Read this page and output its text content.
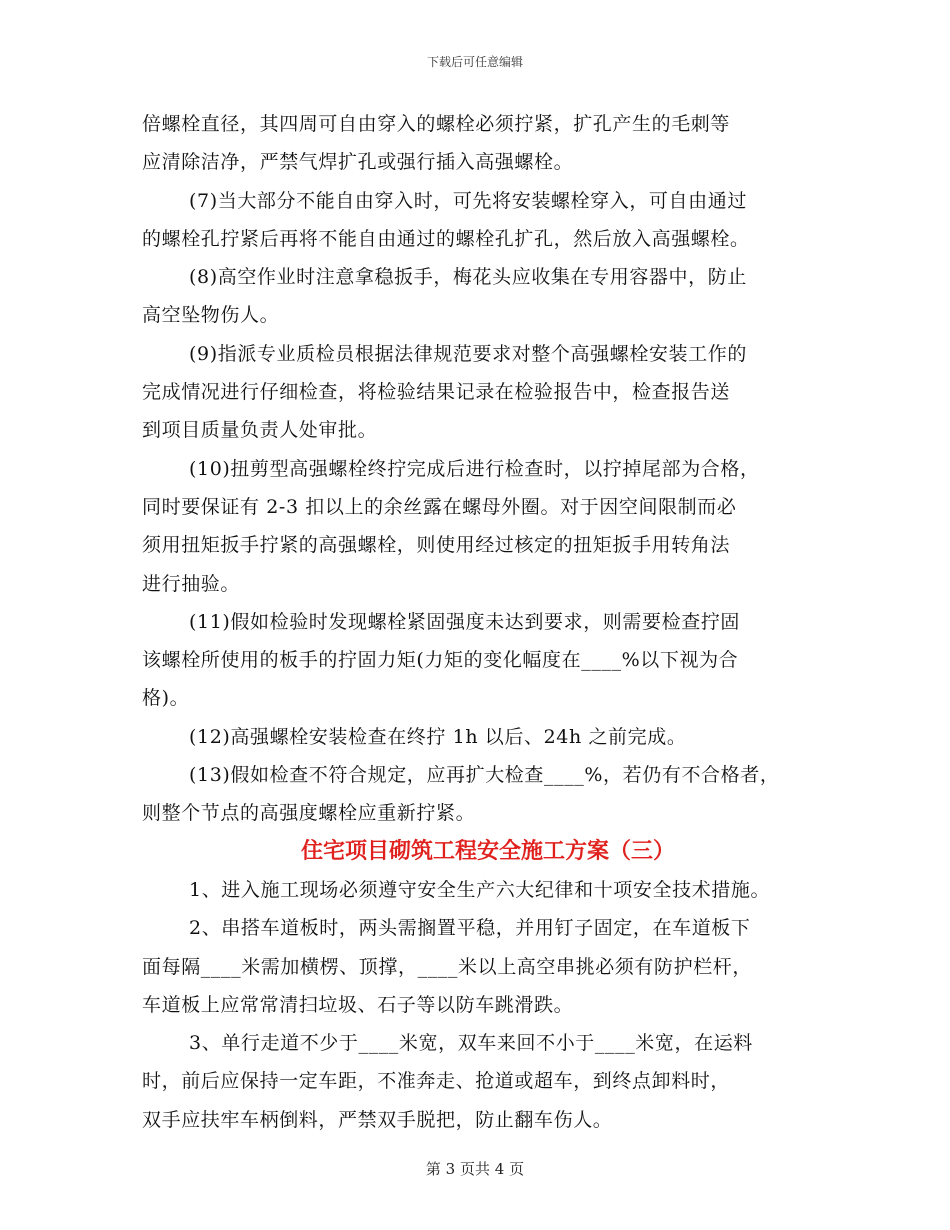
下载后可任意编辑
倍螺栓直径，其四周可自由穿入的螺栓必须拧紧，扩孔产生的毛刺等
应清除洁净，严禁气焊扩孔或强行插入高强螺栓。
(7)当大部分不能自由穿入时，可先将安装螺栓穿入，可自由通过
的螺栓孔拧紧后再将不能自由通过的螺栓孔扩孔，然后放入高强螺栓。
(8)高空作业时注意拿稳扳手，梅花头应收集在专用容器中，防止
高空坠物伤人。
(9)指派专业质检员根据法律规范要求对整个高强螺栓安装工作的
完成情况进行仔细检查，将检验结果记录在检验报告中，检查报告送
到项目质量负责人处审批。
(10)扭剪型高强螺栓终拧完成后进行检查时，以拧掉尾部为合格，
同时要保证有 2-3 扣以上的余丝露在螺母外圈。对于因空间限制而必
须用扭矩扳手拧紧的高强螺栓，则使用经过核定的扭矩扳手用转角法
进行抽验。
(11)假如检验时发现螺栓紧固强度未达到要求，则需要检查拧固
该螺栓所使用的板手的拧固力矩(力矩的变化幅度在____%以下视为合
格)。
(12)高强螺栓安装检查在终拧 1h 以后、24h 之前完成。
(13)假如检查不符合规定，应再扩大检查____%，若仍有不合格者，
则整个节点的高强度螺栓应重新拧紧。
住宅项目砌筑工程安全施工方案（三）
1、进入施工现场必须遵守安全生产六大纪律和十项安全技术措施。
2、串搭车道板时，两头需搁置平稳，并用钉子固定，在车道板下
面每隔____米需加横楞、顶撑，____米以上高空串挑必须有防护栏杆，
车道板上应常常清扫垃圾、石子等以防车跳滑跌。
3、单行走道不少于____米宽，双车来回不小于____米宽，在运料
时，前后应保持一定车距，不准奔走、抢道或超车，到终点卸料时，
双手应扶牢车柄倒料，严禁双手脱把，防止翻车伤人。
第 3 页共 4 页
